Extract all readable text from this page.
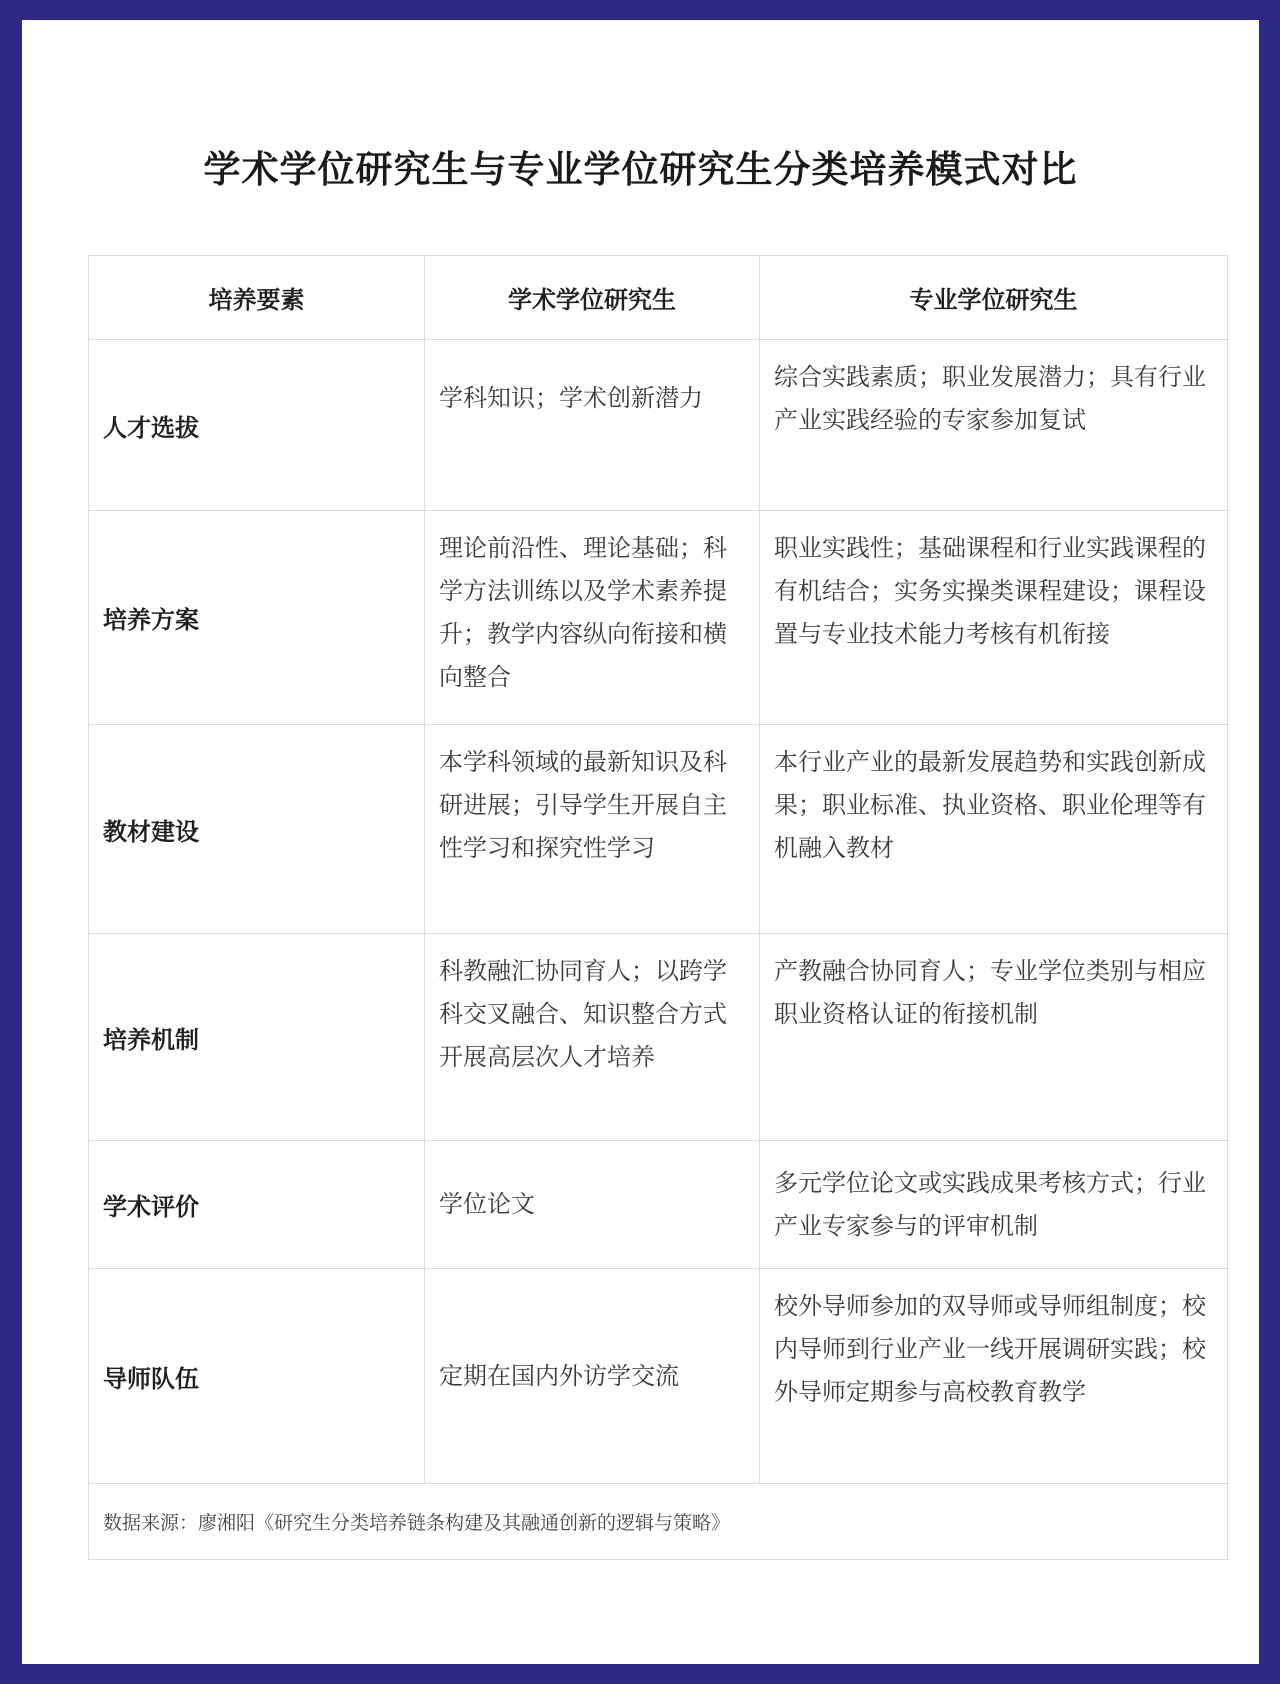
学术学位研究生与专业学位研究生分类培养模式对比
培养要素	学术学位研究生	专业学位研究生
人才选拔	学科知识；学术创新潜力	综合实践素质；职业发展潜力；具有行业产业实践经验的专家参加复试
培养方案	理论前沿性、理论基础；科学方法训练以及学术素养提升；教学内容纵向衔接和横向整合	职业实践性；基础课程和行业实践课程的有机结合；实务实操类课程建设；课程设置与专业技术能力考核有机衔接
教材建设	本学科领域的最新知识及科研进展；引导学生开展自主性学习和探究性学习	本行业产业的最新发展趋势和实践创新成果；职业标准、执业资格、职业伦理等有机融入教材
培养机制	科教融汇协同育人；以跨学科交叉融合、知识整合方式开展高层次人才培养	产教融合协同育人；专业学位类别与相应职业资格认证的衔接机制
学术评价	学位论文	多元学位论文或实践成果考核方式；行业产业专家参与的评审机制
导师队伍	定期在国内外访学交流	校外导师参加的双导师或导师组制度；校内导师到行业产业一线开展调研实践；校外导师定期参与高校教育教学
数据来源：廖湘阳《研究生分类培养链条构建及其融通创新的逻辑与策略》		
